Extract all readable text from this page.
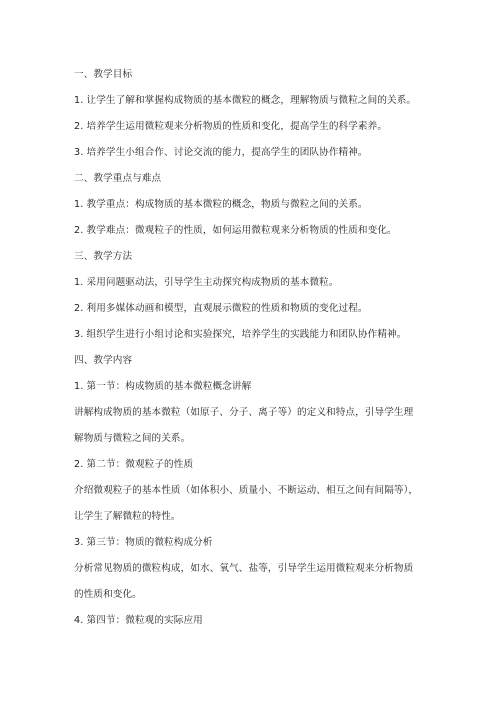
一、教学目标
1. 让学生了解和掌握构成物质的基本微粒的概念，理解物质与微粒之间的关系。
2. 培养学生运用微粒观来分析物质的性质和变化，提高学生的科学素养。
3. 培养学生小组合作、讨论交流的能力，提高学生的团队协作精神。
二、教学重点与难点
1. 教学重点：构成物质的基本微粒的概念，物质与微粒之间的关系。
2. 教学难点：微观粒子的性质，如何运用微粒观来分析物质的性质和变化。
三、教学方法
1. 采用问题驱动法，引导学生主动探究构成物质的基本微粒。
2. 利用多媒体动画和模型，直观展示微粒的性质和物质的变化过程。
3. 组织学生进行小组讨论和实验探究，培养学生的实践能力和团队协作精神。
四、教学内容
1. 第一节：构成物质的基本微粒概念讲解
讲解构成物质的基本微粒（如原子、分子、离子等）的定义和特点，引导学生理
解物质与微粒之间的关系。
2. 第二节：微观粒子的性质
介绍微观粒子的基本性质（如体积小、质量小、不断运动、相互之间有间隔等），
让学生了解微粒的特性。
3. 第三节：物质的微粒构成分析
分析常见物质的微粒构成，如水、氧气、盐等，引导学生运用微粒观来分析物质
的性质和变化。
4. 第四节：微粒观的实际应用
